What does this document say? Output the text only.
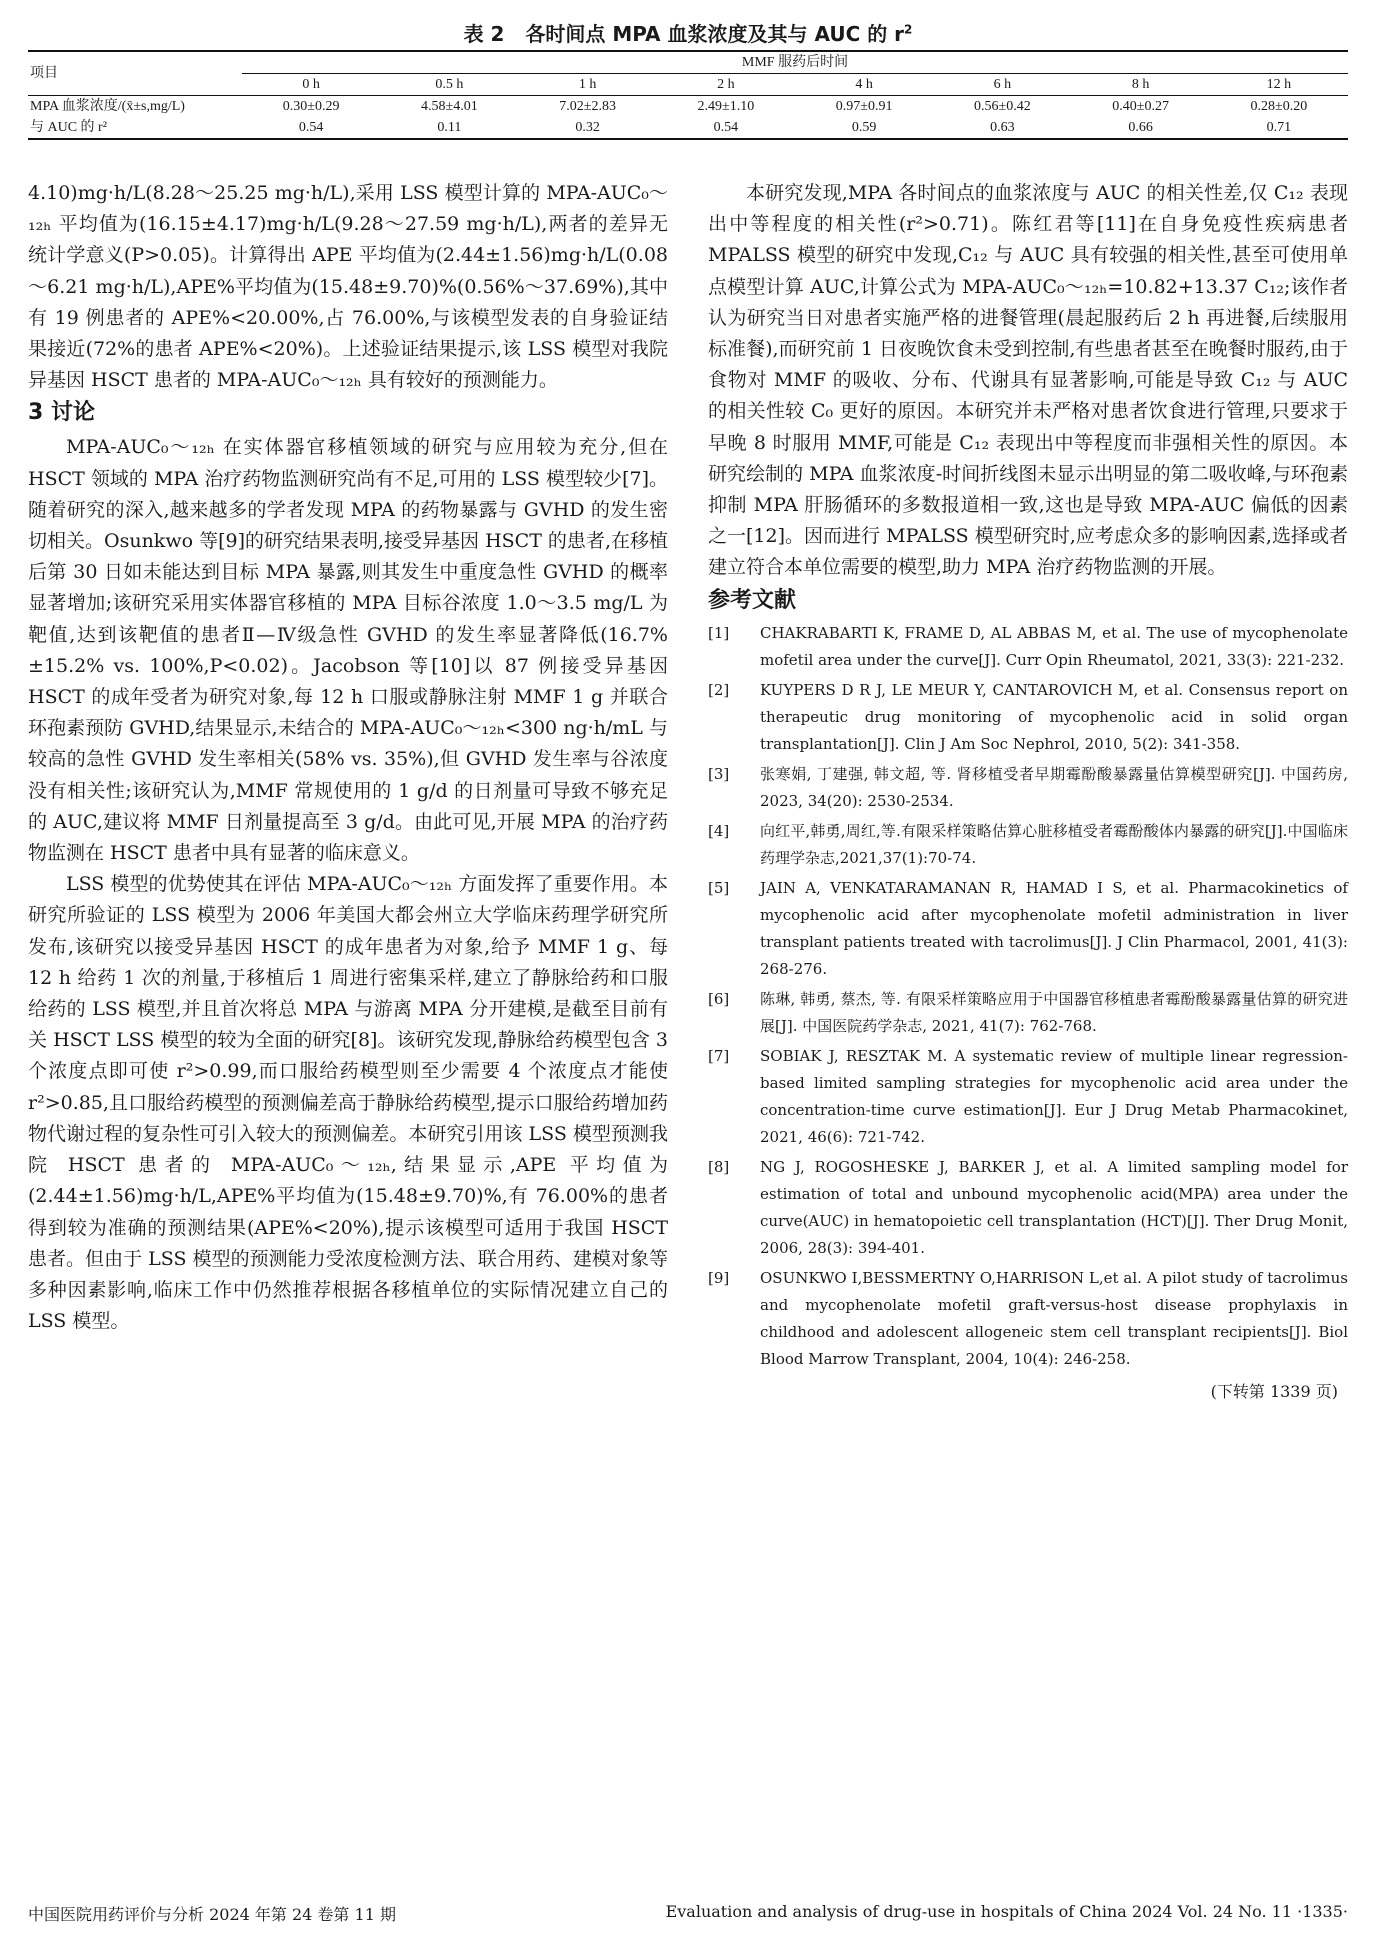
表 2 各时间点 MPA 血浆浓度及其与 AUC 的 $r^2$
项目	MMF 服药后时间							
	0 h	0.5 h	1 h	2 h	4 h	6 h	8 h	12 h
MPA 血浆浓度/(x̄±s,mg/L)	0.30±0.29	4.58±4.01	7.02±2.83	2.49±1.10	0.97±0.91	0.56±0.42	0.40±0.27	0.28±0.20
与 AUC 的 r²	0.54	0.11	0.32	0.54	0.59	0.63	0.66	0.71

4.10)mg·h/L(8.28～25.25 mg·h/L),采用 LSS 模型计算的 MPA-AUC₀～₁₂ₕ 平均值为(16.15±4.17)mg·h/L(9.28～27.59 mg·h/L),两者的差异无统计学意义(P>0.05)。计算得出 APE 平均值为(2.44±1.56)mg·h/L(0.08～6.21 mg·h/L),APE%平均值为(15.48±9.70)%(0.56%～37.69%),其中有 19 例患者的 APE%<20.00%,占 76.00%,与该模型发表的自身验证结果接近(72%的患者 APE%<20%)。上述验证结果提示,该 LSS 模型对我院异基因 HSCT 患者的 MPA-AUC₀～₁₂ₕ 具有较好的预测能力。

3 讨论

MPA-AUC₀～₁₂ₕ 在实体器官移植领域的研究与应用较为充分,但在 HSCT 领域的 MPA 治疗药物监测研究尚有不足,可用的 LSS 模型较少[7]。随着研究的深入,越来越多的学者发现 MPA 的药物暴露与 GVHD 的发生密切相关。Osunkwo 等[9]的研究结果表明,接受异基因 HSCT 的患者,在移植后第 30 日如未能达到目标 MPA 暴露,则其发生中重度急性 GVHD 的概率显著增加;该研究采用实体器官移植的 MPA 目标谷浓度 1.0～3.5 mg/L 为靶值,达到该靶值的患者Ⅱ—Ⅳ级急性 GVHD 的发生率显著降低(16.7%±15.2% vs. 100%,P<0.02)。Jacobson 等[10]以 87 例接受异基因 HSCT 的成年受者为研究对象,每 12 h 口服或静脉注射 MMF 1 g 并联合环孢素预防 GVHD,结果显示,未结合的 MPA-AUC₀～₁₂ₕ<300 ng·h/mL 与较高的急性 GVHD 发生率相关(58% vs. 35%),但 GVHD 发生率与谷浓度没有相关性;该研究认为,MMF 常规使用的 1 g/d 的日剂量可导致不够充足的 AUC,建议将 MMF 日剂量提高至 3 g/d。由此可见,开展 MPA 的治疗药物监测在 HSCT 患者中具有显著的临床意义。

LSS 模型的优势使其在评估 MPA-AUC₀～₁₂ₕ 方面发挥了重要作用。本研究所验证的 LSS 模型为 2006 年美国大都会州立大学临床药理学研究所发布,该研究以接受异基因 HSCT 的成年患者为对象,给予 MMF 1 g、每 12 h 给药 1 次的剂量,于移植后 1 周进行密集采样,建立了静脉给药和口服给药的 LSS 模型,并且首次将总 MPA 与游离 MPA 分开建模,是截至目前有关 HSCT LSS 模型的较为全面的研究[8]。该研究发现,静脉给药模型包含 3 个浓度点即可使 r²>0.99,而口服给药模型则至少需要 4 个浓度点才能使 r²>0.85,且口服给药模型的预测偏差高于静脉给药模型,提示口服给药增加药物代谢过程的复杂性可引入较大的预测偏差。本研究引用该 LSS 模型预测我院 HSCT 患者的 MPA-AUC₀～₁₂ₕ,结果显示,APE 平均值为(2.44±1.56)mg·h/L,APE%平均值为(15.48±9.70)%,有 76.00%的患者得到较为准确的预测结果(APE%<20%),提示该模型可适用于我国 HSCT 患者。但由于 LSS 模型的预测能力受浓度检测方法、联合用药、建模对象等多种因素影响,临床工作中仍然推荐根据各移植单位的实际情况建立自己的 LSS 模型。

本研究发现,MPA 各时间点的血浆浓度与 AUC 的相关性差,仅 C₁₂ 表现出中等程度的相关性(r²>0.71)。陈红君等[11]在自身免疫性疾病患者 MPALSS 模型的研究中发现,C₁₂ 与 AUC 具有较强的相关性,甚至可使用单点模型计算 AUC,计算公式为 MPA-AUC₀～₁₂ₕ=10.82+13.37 C₁₂;该作者认为研究当日对患者实施严格的进餐管理(晨起服药后 2 h 再进餐,后续服用标准餐),而研究前 1 日夜晚饮食未受到控制,有些患者甚至在晚餐时服药,由于食物对 MMF 的吸收、分布、代谢具有显著影响,可能是导致 C₁₂ 与 AUC 的相关性较 C₀ 更好的原因。本研究并未严格对患者饮食进行管理,只要求于早晚 8 时服用 MMF,可能是 C₁₂ 表现出中等程度而非强相关性的原因。本研究绘制的 MPA 血浆浓度-时间折线图未显示出明显的第二吸收峰,与环孢素抑制 MPA 肝肠循环的多数报道相一致,这也是导致 MPA-AUC 偏低的因素之一[12]。因而进行 MPALSS 模型研究时,应考虑众多的影响因素,选择或者建立符合本单位需要的模型,助力 MPA 治疗药物监测的开展。

参考文献
[1]	CHAKRABARTI K, FRAME D, AL ABBAS M, et al. The use of mycophenolate mofetil area under the curve[J]. Curr Opin Rheumatol, 2021, 33(3): 221-232.
[2]	KUYPERS D R J, LE MEUR Y, CANTAROVICH M, et al. Consensus report on therapeutic drug monitoring of mycophenolic acid in solid organ transplantation[J]. Clin J Am Soc Nephrol, 2010, 5(2): 341-358.
[3]	张寒娟, 丁建强, 韩文超, 等. 肾移植受者早期霉酚酸暴露量估算模型研究[J]. 中国药房, 2023, 34(20): 2530-2534.
[4]	向红平,韩勇,周红,等.有限采样策略估算心脏移植受者霉酚酸体内暴露的研究[J].中国临床药理学杂志,2021,37(1):70-74.
[5]	JAIN A, VENKATARAMANAN R, HAMAD I S, et al. Pharmacokinetics of mycophenolic acid after mycophenolate mofetil administration in liver transplant patients treated with tacrolimus[J]. J Clin Pharmacol, 2001, 41(3): 268-276.
[6]	陈琳, 韩勇, 蔡杰, 等. 有限采样策略应用于中国器官移植患者霉酚酸暴露量估算的研究进展[J]. 中国医院药学杂志, 2021, 41(7): 762-768.
[7]	SOBIAK J, RESZTAK M. A systematic review of multiple linear regression-based limited sampling strategies for mycophenolic acid area under the concentration-time curve estimation[J]. Eur J Drug Metab Pharmacokinet, 2021, 46(6): 721-742.
[8]	NG J, ROGOSHESKE J, BARKER J, et al. A limited sampling model for estimation of total and unbound mycophenolic acid(MPA) area under the curve(AUC) in hematopoietic cell transplantation (HCT)[J]. Ther Drug Monit, 2006, 28(3): 394-401.
[9]	OSUNKWO I,BESSMERTNY O,HARRISON L,et al. A pilot study of tacrolimus and mycophenolate mofetil graft-versus-host disease prophylaxis in childhood and adolescent allogeneic stem cell transplant recipients[J]. Biol Blood Marrow Transplant, 2004, 10(4): 246-258.
(下转第 1339 页)
中国医院用药评价与分析 2024 年第 24 卷第 11 期	Evaluation and analysis of drug-use in hospitals of China 2024 Vol. 24 No. 11 ·1335·
